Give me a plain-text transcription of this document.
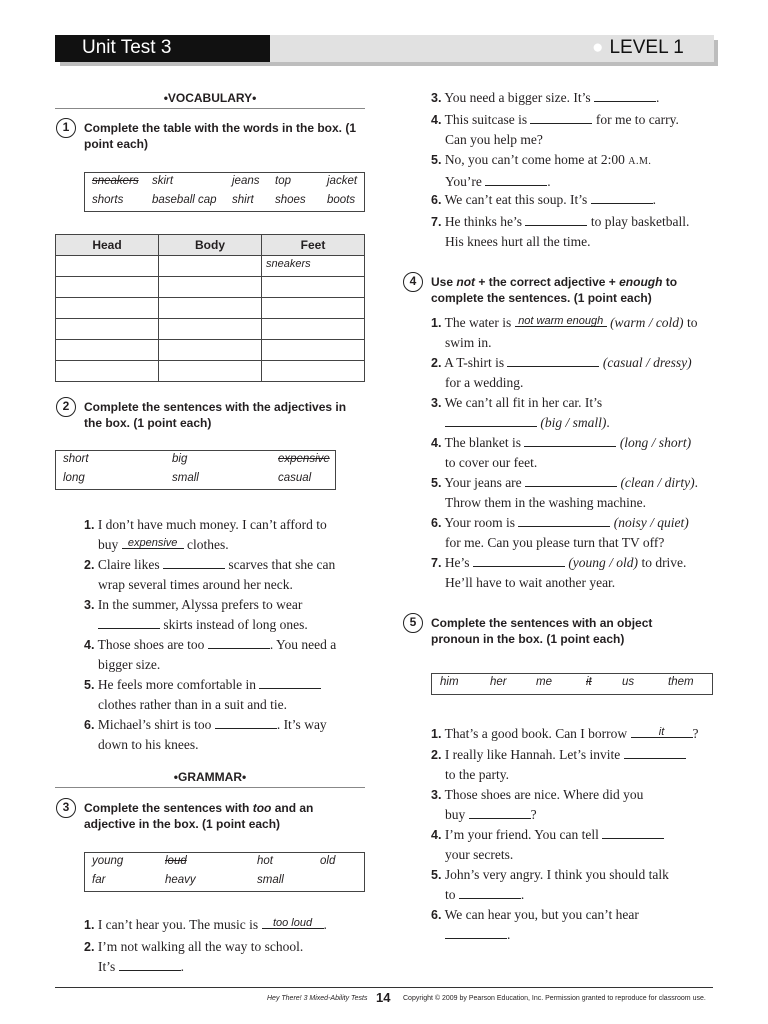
Unit Test 3	● LEVEL 1
•VOCABULARY•
1	Complete the table with the words in the box. (1 point each)
sneakers skirt	jeans top	jacket
shorts baseball cap shirt shoes boots
Head	Body	Feet
		sneakers

2	Complete the sentences with the adjectives in the box. (1 point each)
short	big	expensive
long	small	casual
1. I don’t have much money. I can’t afford to
buy expensive clothes.
2. Claire likes	scarves that she can
wrap several times around her neck.
3. In the summer, Alyssa prefers to wear
skirts instead of long ones.
4. Those shoes are too	. You need a
bigger size.
5. He feels more comfortable in
clothes rather than in a suit and tie.
6. Michael’s shirt is too	. It’s way
down to his knees.
•GRAMMAR•
3	Complete the sentences with too and an
adjective in the box. (1 point each)
young	loud	hot	old
far	heavy	small
1. I can’t hear you. The music is	too loud .
2. I’m not walking all the way to school.
It’s	.
3. You need a bigger size. It’s	.
4. This suitcase is	for me to carry.
Can you help me?
5. No, you can’t come home at 2:00 A.M.
You’re	.
6. We can’t eat this soup. It’s	.
7. He thinks he’s	to play basketball.
His knees hurt all the time.
4	Use not + the correct adjective + enough to
complete the sentences. (1 point each)
1. The water is not warm enough (warm / cold) to
swim in.
2. A T-shirt is	(casual / dressy)
for a wedding.
3. We can’t all fit in her car. It’s
(big / small).
4. The blanket is	(long / short)
to cover our feet.
5. Your jeans are	(clean / dirty).
Throw them in the washing machine.
6. Your room is	(noisy / quiet)
for me. Can you please turn that TV off?
7. He’s	(young / old) to drive.
He’ll have to wait another year.
5	Complete the sentences with an object pronoun in the box. (1 point each)
him	her	me	it	us	them
1. That’s a good book. Can I borrow	it	?
2. I really like Hannah. Let’s invite
to the party.
3. Those shoes are nice. Where did you
buy	?
4. I’m your friend. You can tell
your secrets.
5. John’s very angry. I think you should talk
to	.
6. We can hear you, but you can’t hear
.
Hey There! 3 Mixed-Ability Tests 14 Copyright © 2009 by Pearson Education, Inc. Permission granted to reproduce for classroom use.
